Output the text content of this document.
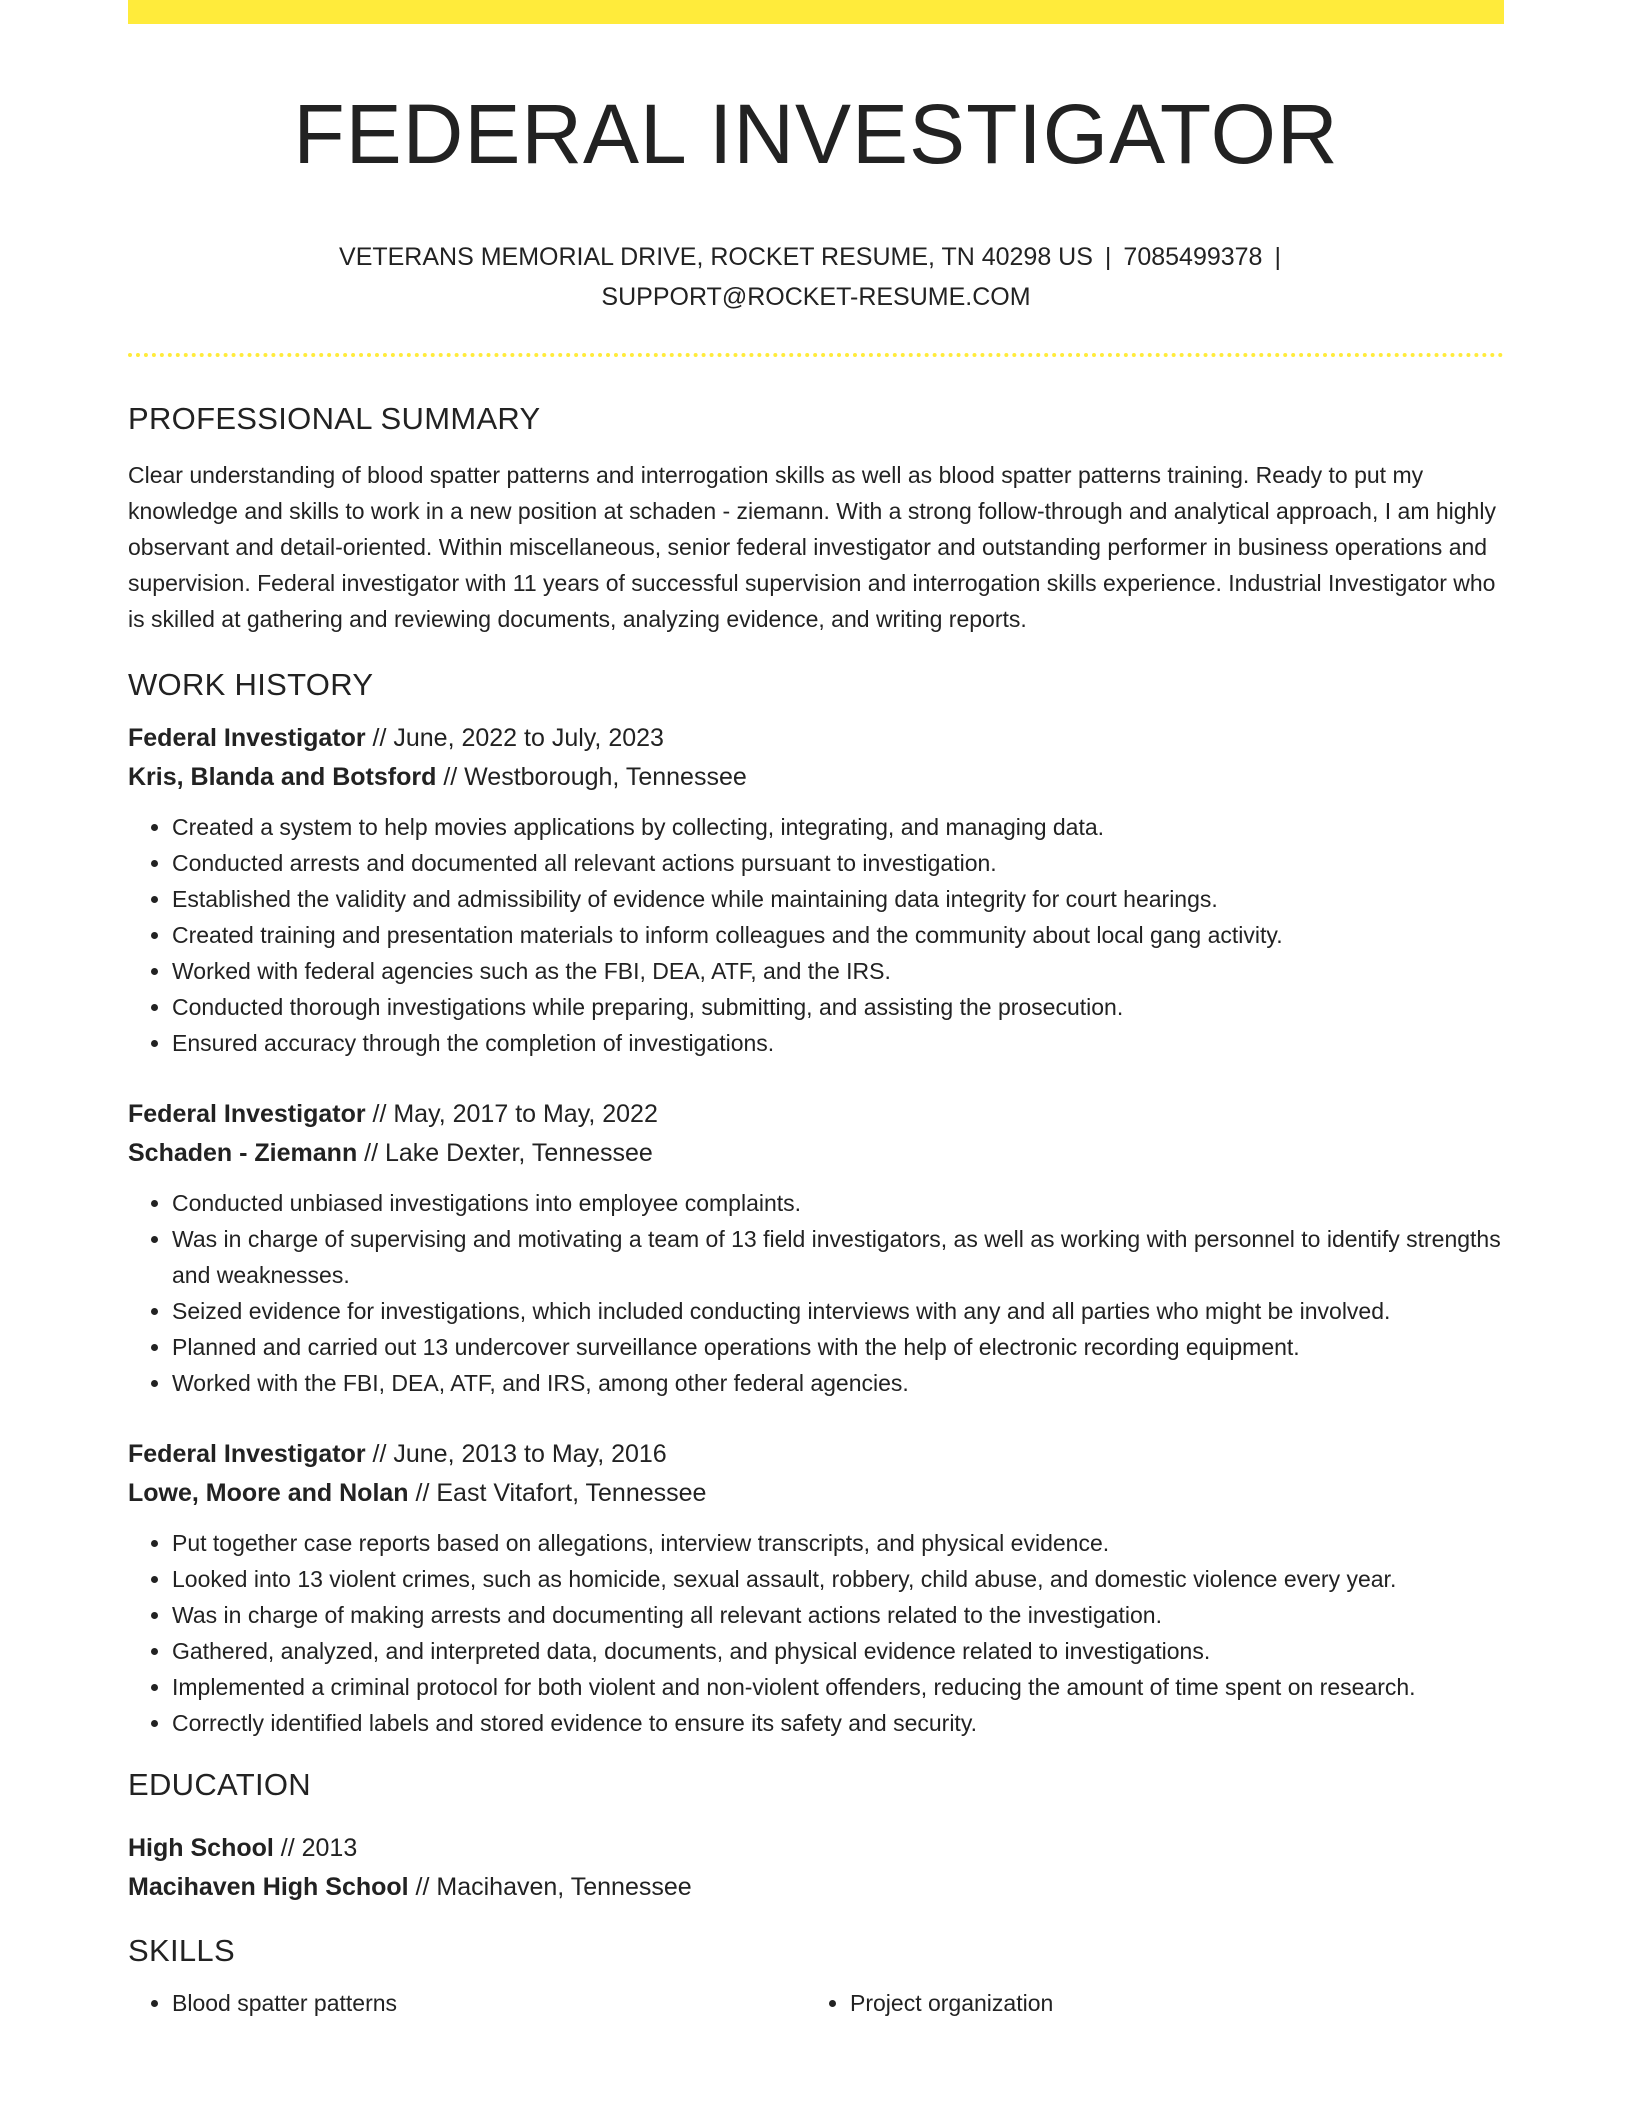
FEDERAL INVESTIGATOR
VETERANS MEMORIAL DRIVE, ROCKET RESUME, TN 40298 US | 7085499378 |
SUPPORT@ROCKET-RESUME.COM
PROFESSIONAL SUMMARY
Clear understanding of blood spatter patterns and interrogation skills as well as blood spatter patterns training. Ready to put my knowledge and skills to work in a new position at schaden - ziemann. With a strong follow-through and analytical approach, I am highly observant and detail-oriented. Within miscellaneous, senior federal investigator and outstanding performer in business operations and supervision. Federal investigator with 11 years of successful supervision and interrogation skills experience. Industrial Investigator who is skilled at gathering and reviewing documents, analyzing evidence, and writing reports.
WORK HISTORY
Federal Investigator // June, 2022 to July, 2023
Kris, Blanda and Botsford // Westborough, Tennessee
• Created a system to help movies applications by collecting, integrating, and managing data.
• Conducted arrests and documented all relevant actions pursuant to investigation.
• Established the validity and admissibility of evidence while maintaining data integrity for court hearings.
• Created training and presentation materials to inform colleagues and the community about local gang activity.
• Worked with federal agencies such as the FBI, DEA, ATF, and the IRS.
• Conducted thorough investigations while preparing, submitting, and assisting the prosecution.
• Ensured accuracy through the completion of investigations.
Federal Investigator // May, 2017 to May, 2022
Schaden - Ziemann // Lake Dexter, Tennessee
• Conducted unbiased investigations into employee complaints.
• Was in charge of supervising and motivating a team of 13 field investigators, as well as working with personnel to identify strengths and weaknesses.
• Seized evidence for investigations, which included conducting interviews with any and all parties who might be involved.
• Planned and carried out 13 undercover surveillance operations with the help of electronic recording equipment.
• Worked with the FBI, DEA, ATF, and IRS, among other federal agencies.
Federal Investigator // June, 2013 to May, 2016
Lowe, Moore and Nolan // East Vitafort, Tennessee
• Put together case reports based on allegations, interview transcripts, and physical evidence.
• Looked into 13 violent crimes, such as homicide, sexual assault, robbery, child abuse, and domestic violence every year.
• Was in charge of making arrests and documenting all relevant actions related to the investigation.
• Gathered, analyzed, and interpreted data, documents, and physical evidence related to investigations.
• Implemented a criminal protocol for both violent and non-violent offenders, reducing the amount of time spent on research.
• Correctly identified labels and stored evidence to ensure its safety and security.
EDUCATION
High School // 2013
Macihaven High School // Macihaven, Tennessee
SKILLS
• Blood spatter patterns
•	Project organization
